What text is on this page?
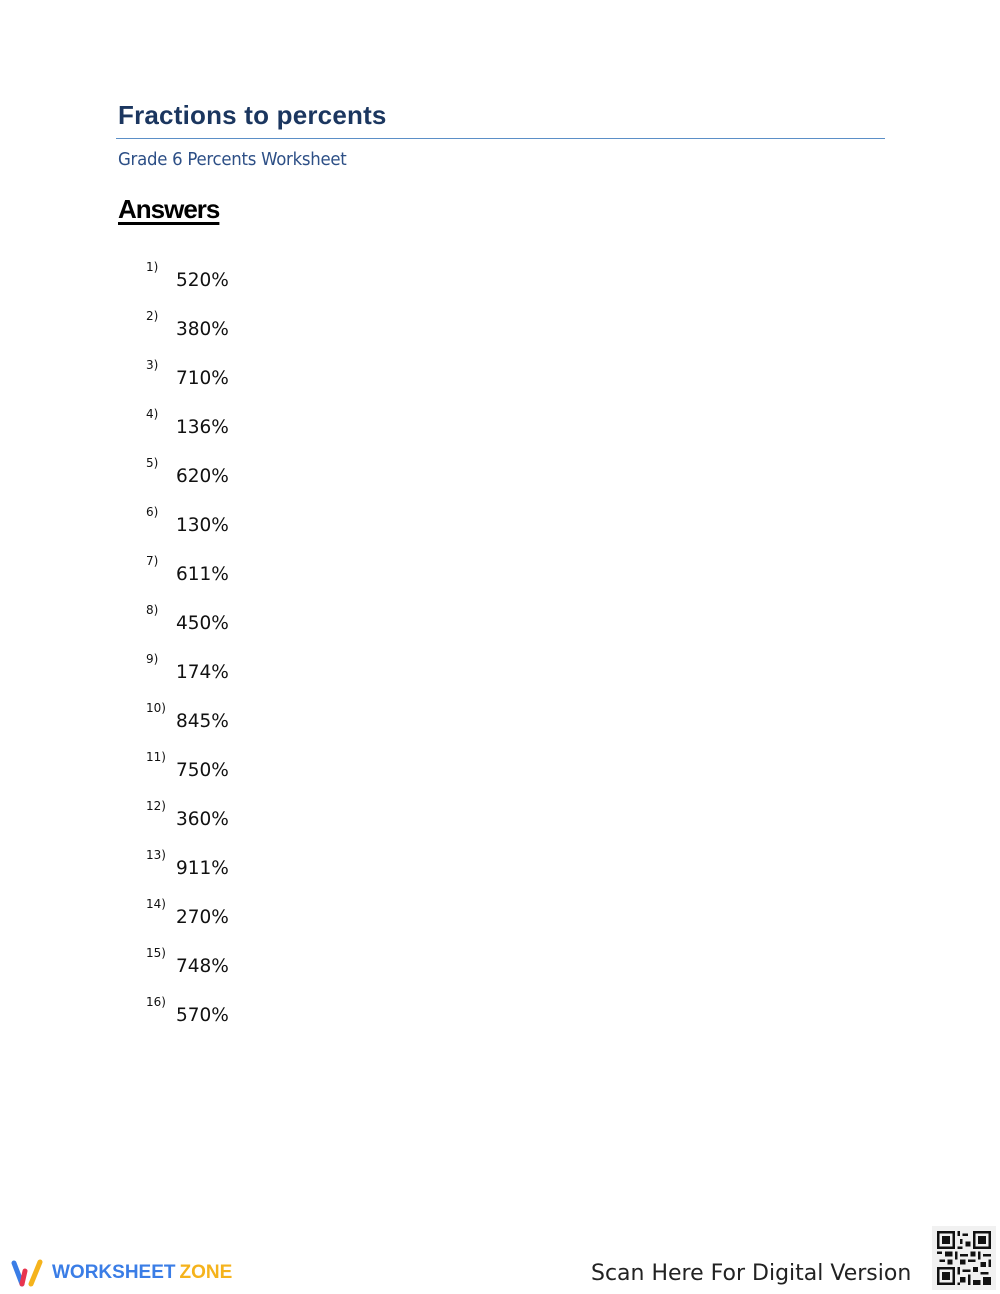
Fractions to percents
Grade 6 Percents Worksheet
Answers
1)
520%
2)
380%
3)
710%
4)
136%
5)
620%
6)
130%
7)
611%
8)
450%
9)
174%
10)
845%
11)
750%
12)
360%
13)
911%
14)
270%
15)
748%
16)
570%
WORKSHEET ZONE	Scan Here For Digital Version
